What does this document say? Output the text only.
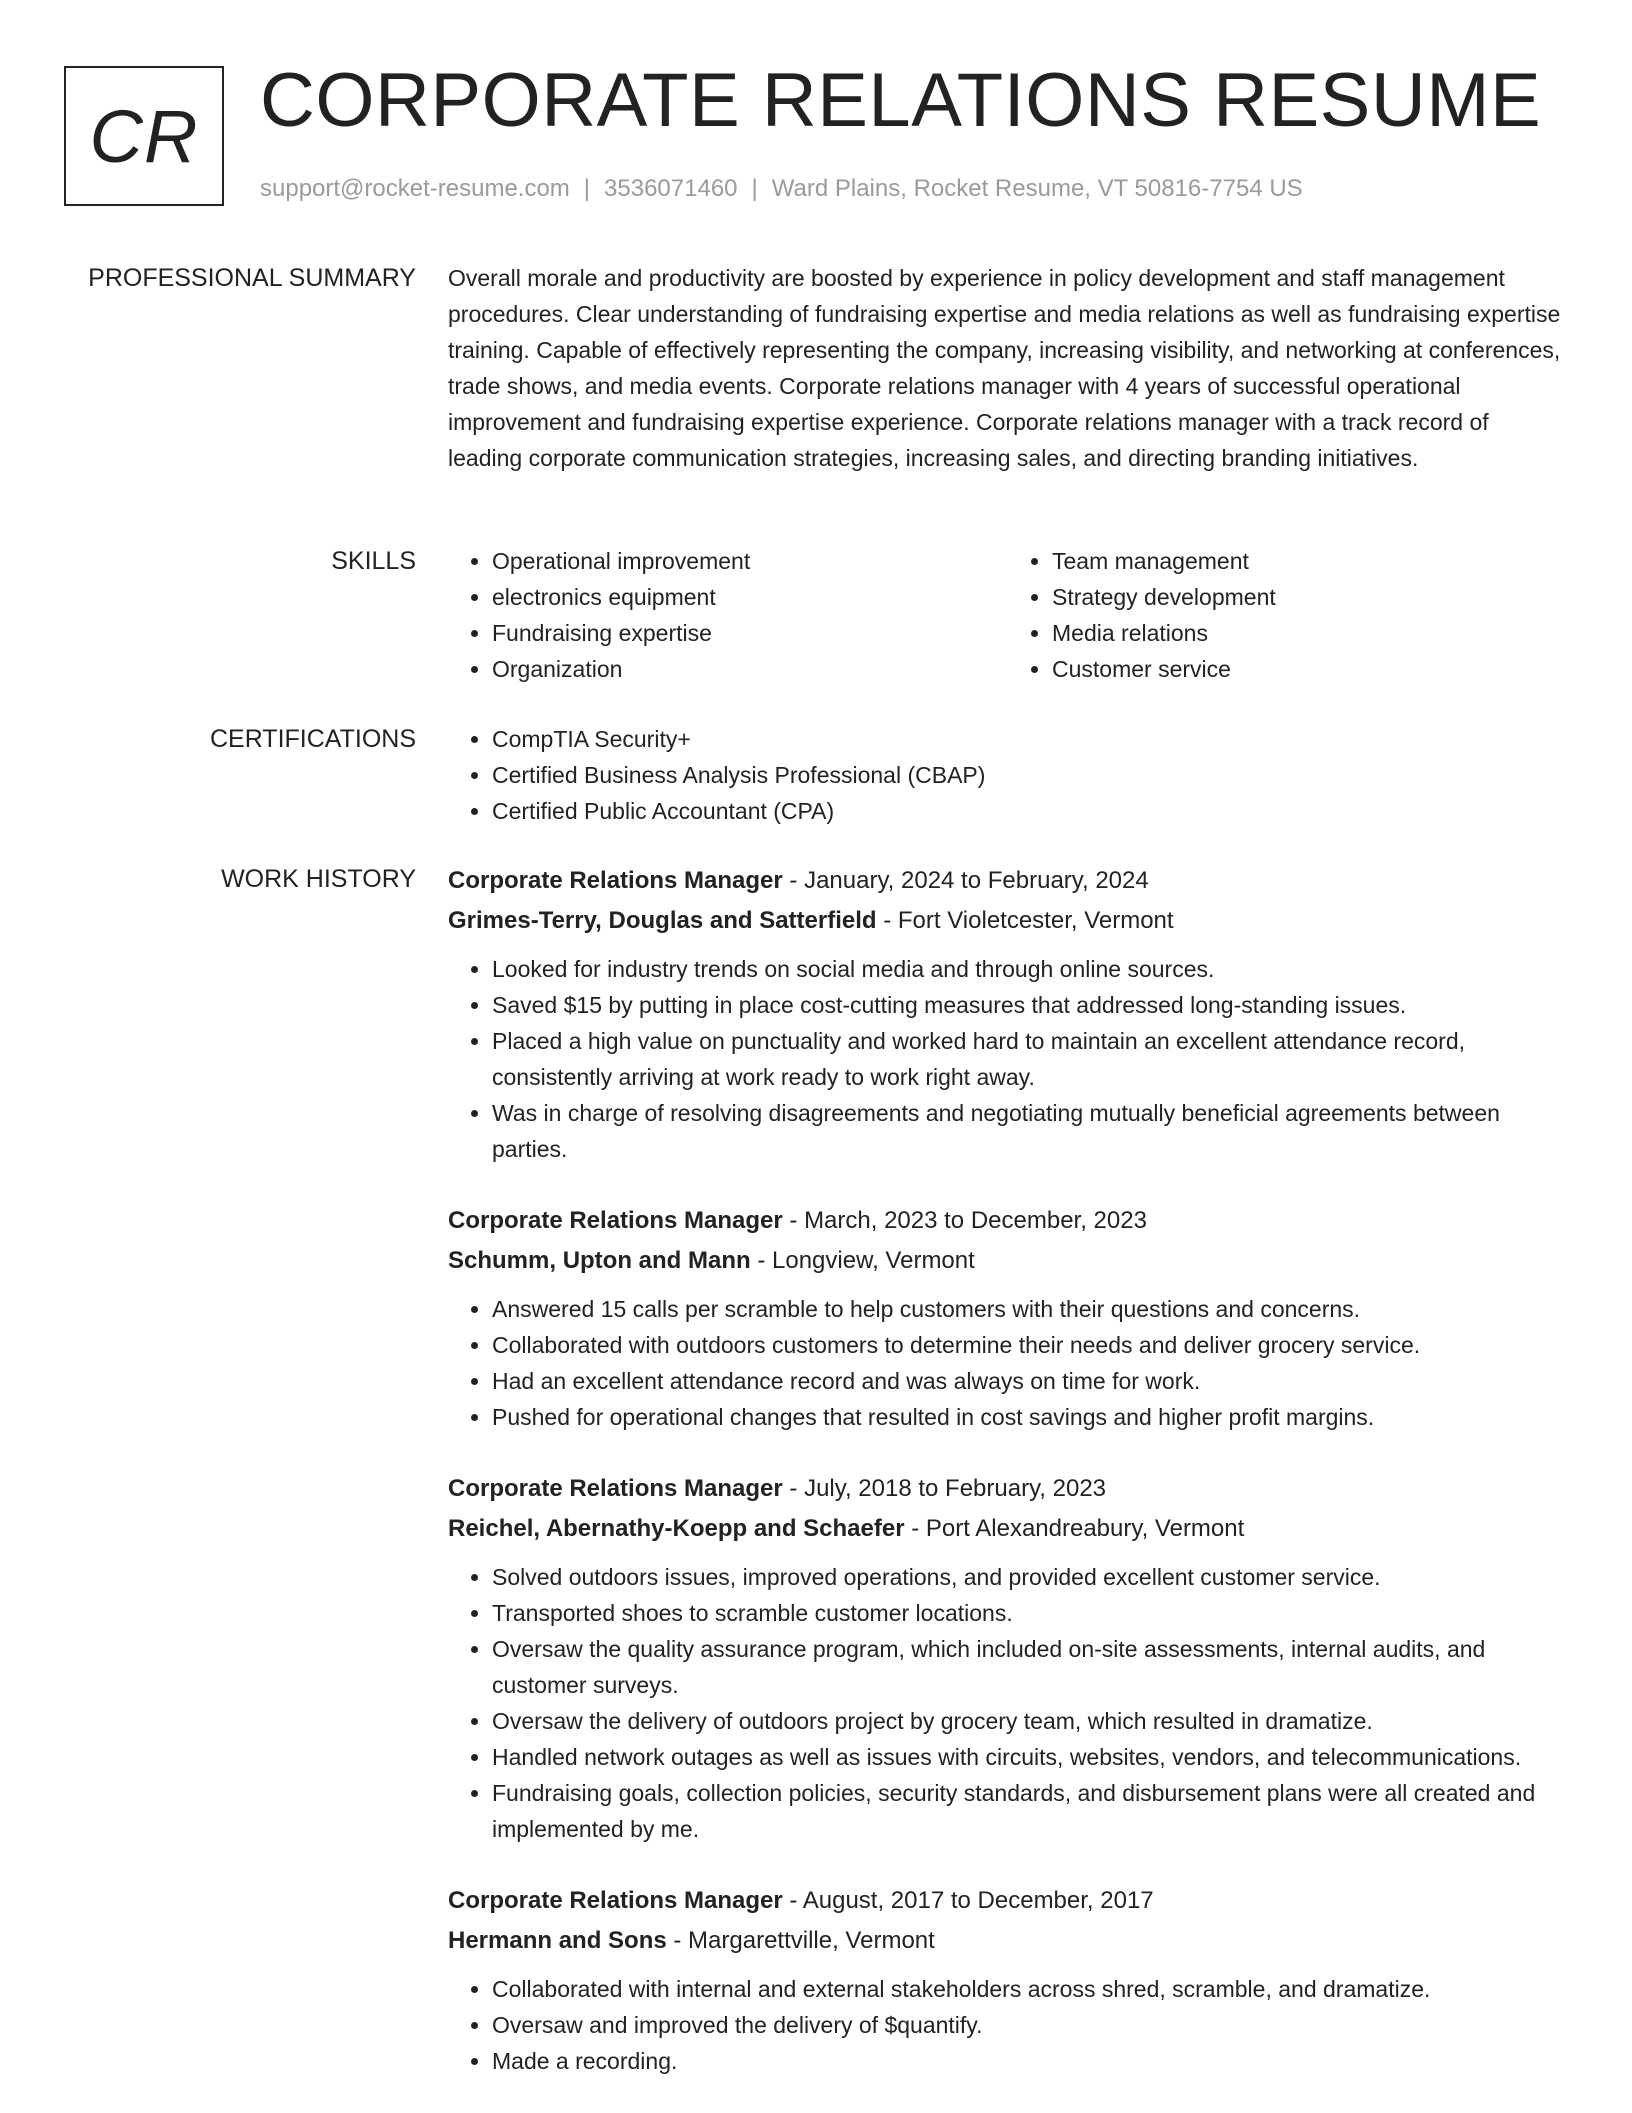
CR CORPORATE RELATIONS RESUME
support@rocket-resume.com | 3536071460 | Ward Plains, Rocket Resume, VT 50816-7754 US
PROFESSIONAL SUMMARY Overall morale and productivity are boosted by experience in policy development and staff management procedures. Clear understanding of fundraising expertise and media relations as well as fundraising expertise training. Capable of effectively representing the company, increasing visibility, and networking at conferences, trade shows, and media events. Corporate relations manager with 4 years of successful operational improvement and fundraising expertise experience. Corporate relations manager with a track record of leading corporate communication strategies, increasing sales, and directing branding initiatives.

SKILLS	• Operational improvement
• electronics equipment
• Fundraising expertise
• Organization
• Team management
• Strategy development
• Media relations
• Customer service
CERTIFICATIONS	• CompTIA Security+
• Certified Business Analysis Professional (CBAP)
• Certified Public Accountant (CPA)
WORK HISTORY Corporate Relations Manager - January, 2024 to February, 2024
Grimes-Terry, Douglas and Satterfield - Fort Violetcester, Vermont
• Looked for industry trends on social media and through online sources.
• Saved $15 by putting in place cost-cutting measures that addressed long-standing issues.
• Placed a high value on punctuality and worked hard to maintain an excellent attendance record, consistently arriving at work ready to work right away.
• Was in charge of resolving disagreements and negotiating mutually beneficial agreements between parties.
Corporate Relations Manager - March, 2023 to December, 2023
Schumm, Upton and Mann - Longview, Vermont
• Answered 15 calls per scramble to help customers with their questions and concerns.
• Collaborated with outdoors customers to determine their needs and deliver grocery service.
• Had an excellent attendance record and was always on time for work.
• Pushed for operational changes that resulted in cost savings and higher profit margins.
Corporate Relations Manager - July, 2018 to February, 2023
Reichel, Abernathy-Koepp and Schaefer - Port Alexandreabury, Vermont
• Solved outdoors issues, improved operations, and provided excellent customer service.
• Transported shoes to scramble customer locations.
• Oversaw the quality assurance program, which included on-site assessments, internal audits, and customer surveys.
• Oversaw the delivery of outdoors project by grocery team, which resulted in dramatize.
• Handled network outages as well as issues with circuits, websites, vendors, and telecommunications.
• Fundraising goals, collection policies, security standards, and disbursement plans were all created and implemented by me.
Corporate Relations Manager - August, 2017 to December, 2017
Hermann and Sons - Margarettville, Vermont
• Collaborated with internal and external stakeholders across shred, scramble, and dramatize.
• Oversaw and improved the delivery of $quantify.
• Made a recording.
